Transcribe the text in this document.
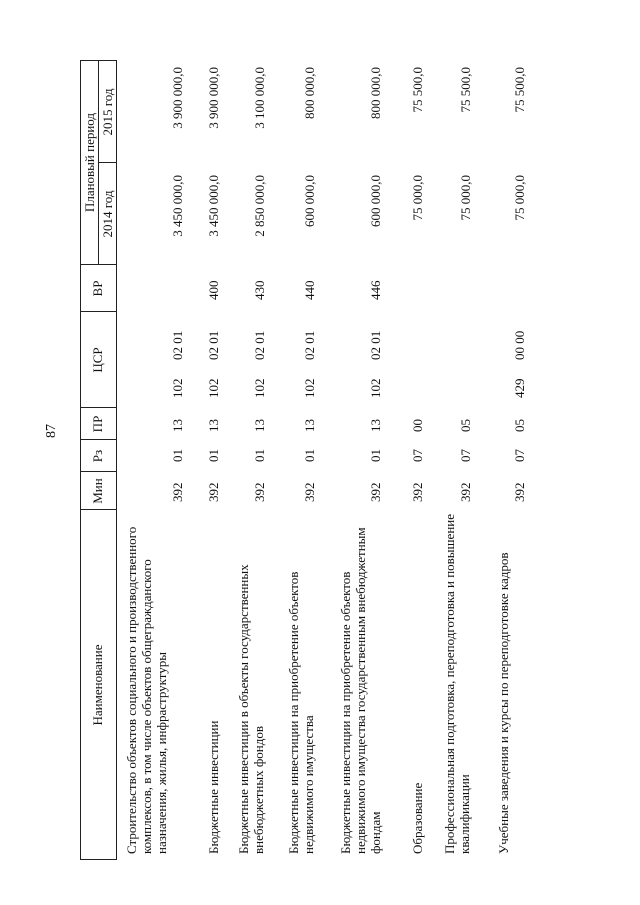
87
Наименование
Мин
Рз
ПР
ЦСР
ВР
Плановый период
2014 год
2015 год
Строительство объектов социального и производственного комплексов, в том числе объектов общегражданского назначения, жилья, инфраструктуры
392
01
13
102
02 01
3 450 000,0
3 900 000,0
Бюджетные инвестиции
392
01
13
102
02 01
400
3 450 000,0
3 900 000,0
Бюджетные инвестиции в объекты государственных внебюджетных фондов
392
01
13
102
02 01
430
2 850 000,0
3 100 000,0
Бюджетные инвестиции на приобретение объектов недвижимого имущества
392
01
13
102
02 01
440
600 000,0
800 000,0
Бюджетные инвестиции на приобретение объектов недвижимого имущества государственным внебюджетным фондам
392
01
13
102
02 01
446
600 000,0
800 000,0
Образование
392
07
00
75 000,0
75 500,0
Профессиональная подготовка, переподготовка и повышение квалификации
392
07
05
75 000,0
75 500,0
Учебные заведения и курсы по переподготовке кадров
392
07
05
429
00 00
75 000,0
75 500,0
